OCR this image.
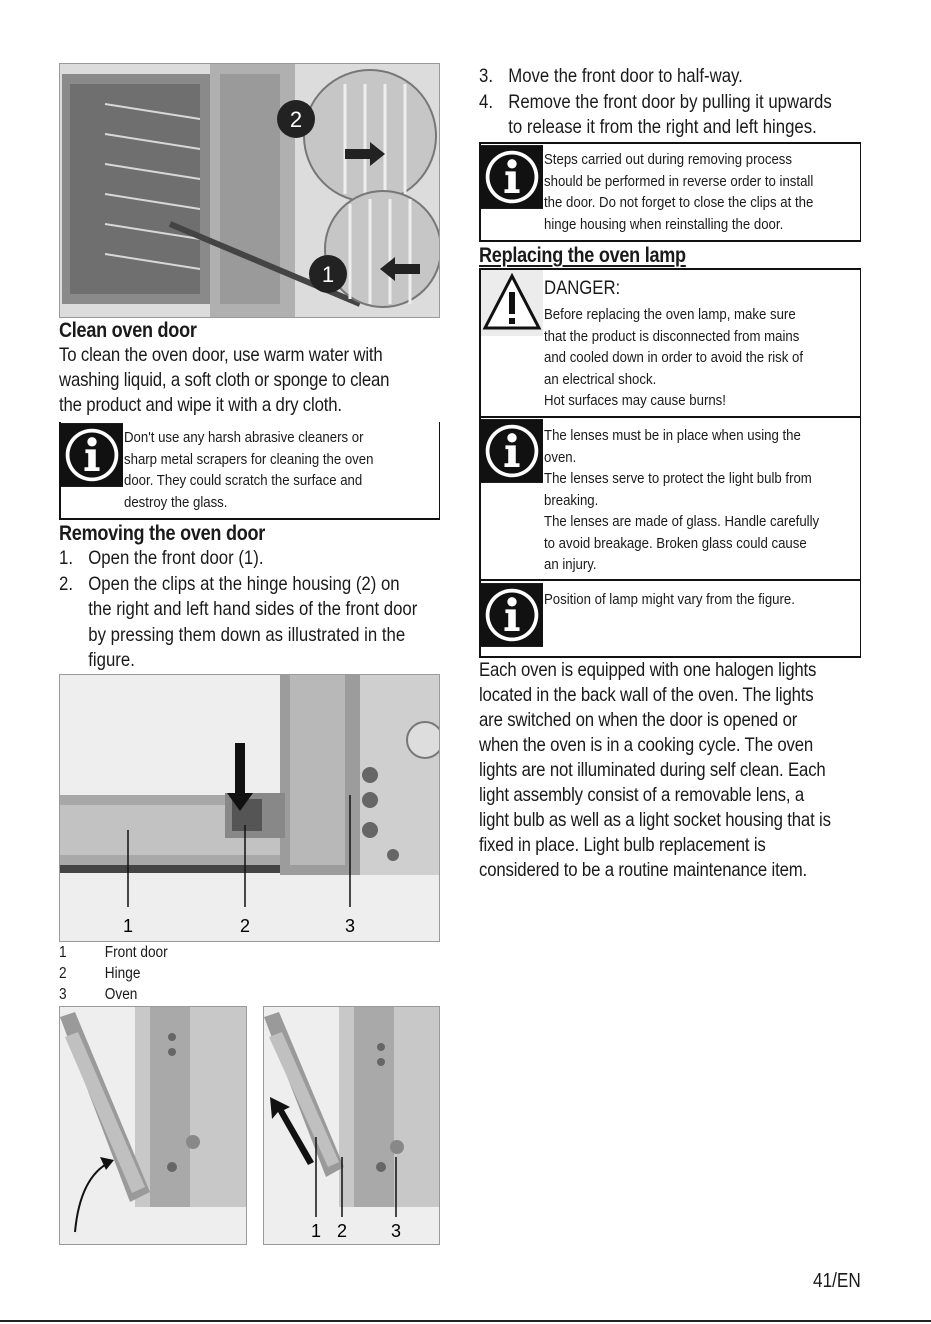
2
1
Clean oven door

To clean the oven door, use warm water with

washing liquid, a soft cloth or sponge to clean

the product and wipe it with a dry cloth.

Don't use any harsh abrasive cleaners or
sharp metal scrapers for cleaning the oven
door. They could scratch the surface and
destroy the glass.
Removing the oven door
1. Open the front door (1).
2. Open the clips at the hinge housing (2) on
the right and left hand sides of the front door
by pressing them down as illustrated in the
figure.
1	2	3
1	Front door
2	Hinge
3	Oven
1 2 3
3. Move the front door to half-way.
4. Remove the front door by pulling it upwards
to release it from the right and left hinges.
Steps carried out during removing process
should be performed in reverse order to install
the door. Do not forget to close the clips at the
hinge housing when reinstalling the door.
Replacing the oven lamp
DANGER:
Before replacing the oven lamp, make sure
that the product is disconnected from mains
and cooled down in order to avoid the risk of
an electrical shock.
Hot surfaces may cause burns!
The lenses must be in place when using the
oven.
The lenses serve to protect the light bulb from
breaking.
The lenses are made of glass. Handle carefully
to avoid breakage. Broken glass could cause
an injury.
Position of lamp might vary from the figure.

Each oven is equipped with one halogen lights

located in the back wall of the oven. The lights

are switched on when the door is opened or

when the oven is in a cooking cycle. The oven

lights are not illuminated during self clean. Each

light assembly consist of a removable lens, a

light bulb as well as a light socket housing that is

fixed in place. Light bulb replacement is

considered to be a routine maintenance item.

41/EN
